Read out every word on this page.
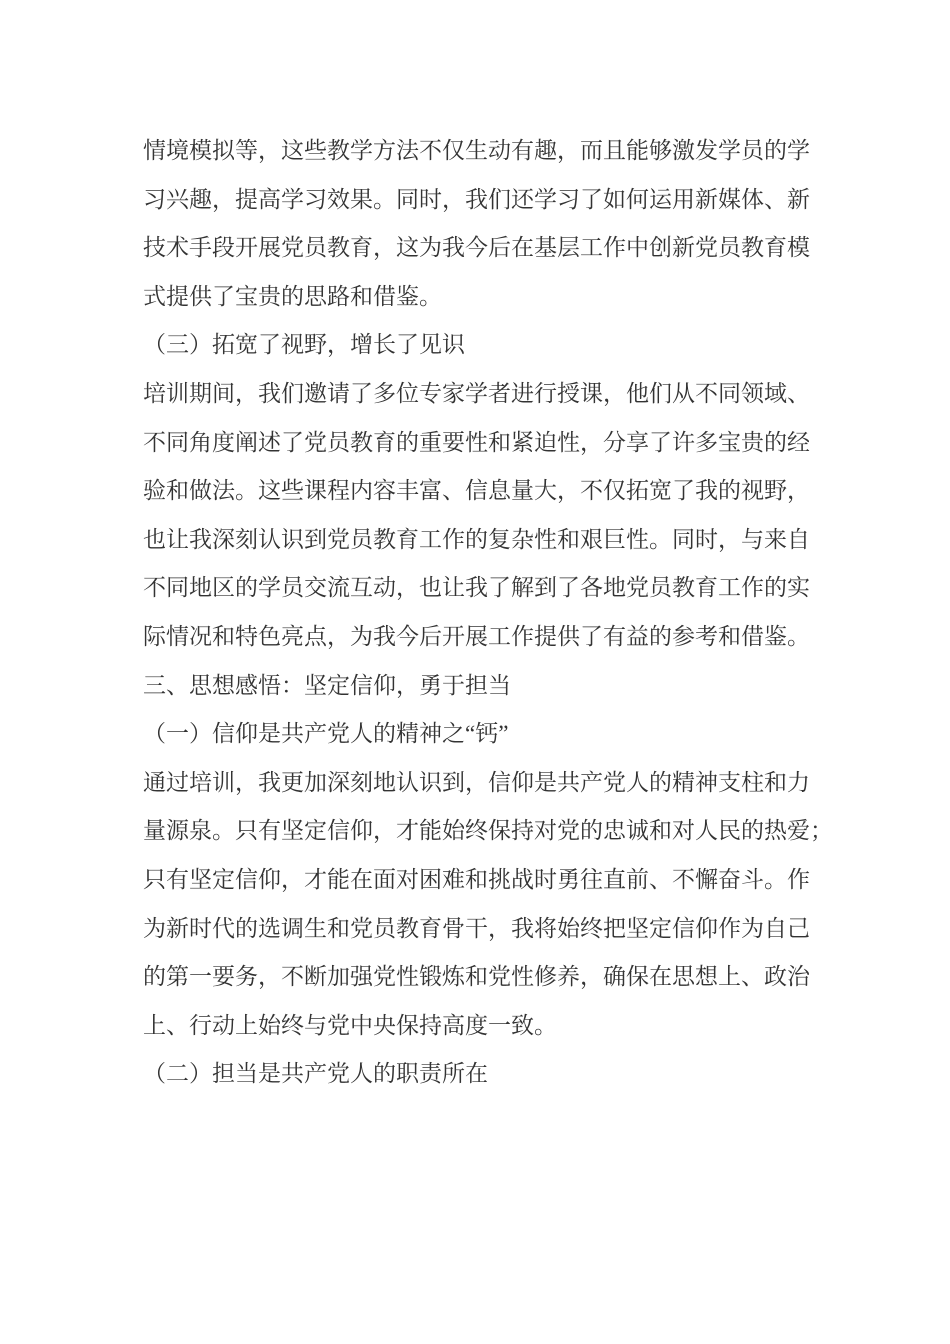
情境模拟等，这些教学方法不仅生动有趣，而且能够激发学员的学
习兴趣，提高学习效果。同时，我们还学习了如何运用新媒体、新
技术手段开展党员教育，这为我今后在基层工作中创新党员教育模
式提供了宝贵的思路和借鉴。
（三）拓宽了视野，增长了见识
培训期间，我们邀请了多位专家学者进行授课，他们从不同领域、
不同角度阐述了党员教育的重要性和紧迫性，分享了许多宝贵的经
验和做法。这些课程内容丰富、信息量大，不仅拓宽了我的视野，
也让我深刻认识到党员教育工作的复杂性和艰巨性。同时，与来自
不同地区的学员交流互动，也让我了解到了各地党员教育工作的实
际情况和特色亮点，为我今后开展工作提供了有益的参考和借鉴。
三、思想感悟：坚定信仰，勇于担当
（一）信仰是共产党人的精神之“钙”
通过培训，我更加深刻地认识到，信仰是共产党人的精神支柱和力
量源泉。只有坚定信仰，才能始终保持对党的忠诚和对人民的热爱；
只有坚定信仰，才能在面对困难和挑战时勇往直前、不懈奋斗。作
为新时代的选调生和党员教育骨干，我将始终把坚定信仰作为自己
的第一要务，不断加强党性锻炼和党性修养，确保在思想上、政治
上、行动上始终与党中央保持高度一致。
（二）担当是共产党人的职责所在
